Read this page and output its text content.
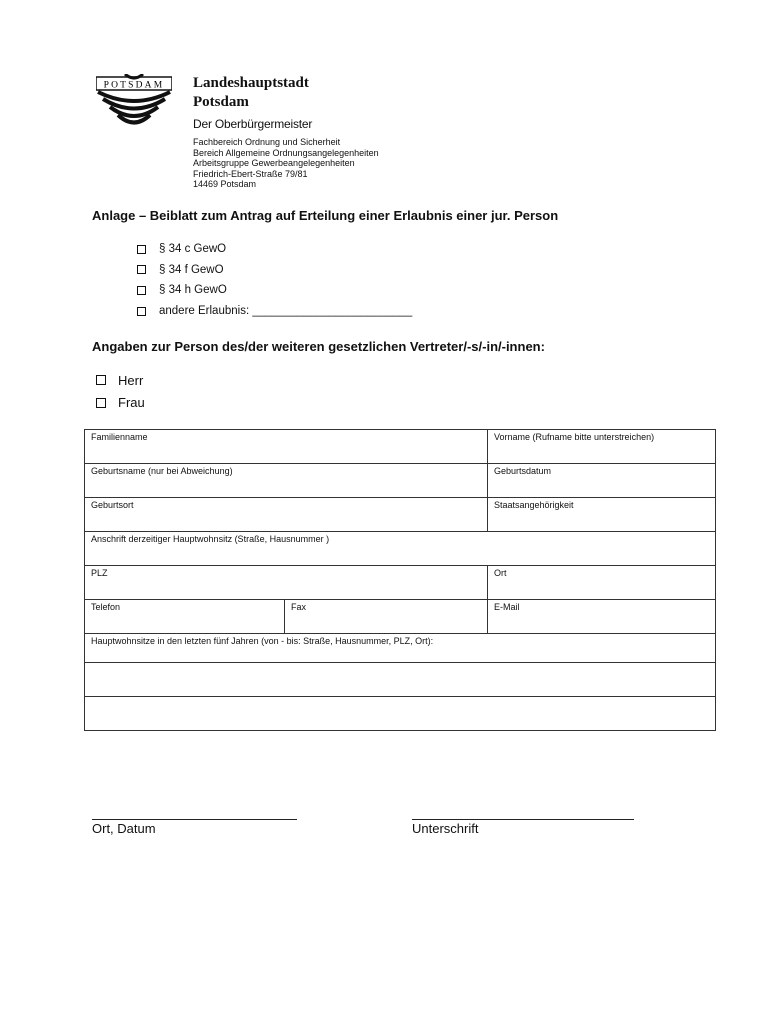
POTSDAM Landeshauptstadt
Potsdam
Der Oberbürgermeister
Fachbereich Ordnung und Sicherheit
Bereich Allgemeine Ordnungsangelegenheiten
Arbeitsgruppe Gewerbeangelegenheiten
Friedrich-Ebert-Straße 79/81
14469 Potsdam
Anlage – Beiblatt zum Antrag auf Erteilung einer Erlaubnis einer jur. Person
§ 34 c GewO
§ 34 f GewO
§ 34 h GewO
andere Erlaubnis: _________________________
Angaben zur Person des/der weiteren gesetzlichen Vertreter/-s/-in/-innen:
Herr
Frau
Familienname		Vorname (Rufname bitte unterstreichen)
Geburtsname (nur bei Abweichung)		Geburtsdatum
Geburtsort		Staatsangehörigkeit
Anschrift derzeitiger Hauptwohnsitz (Straße, Hausnummer )		
PLZ		Ort
Telefon	Fax	E-Mail
Hauptwohnsitze in den letzten fünf Jahren (von - bis: Straße, Hausnummer, PLZ, Ort):		

Ort, Datum	Unterschrift
